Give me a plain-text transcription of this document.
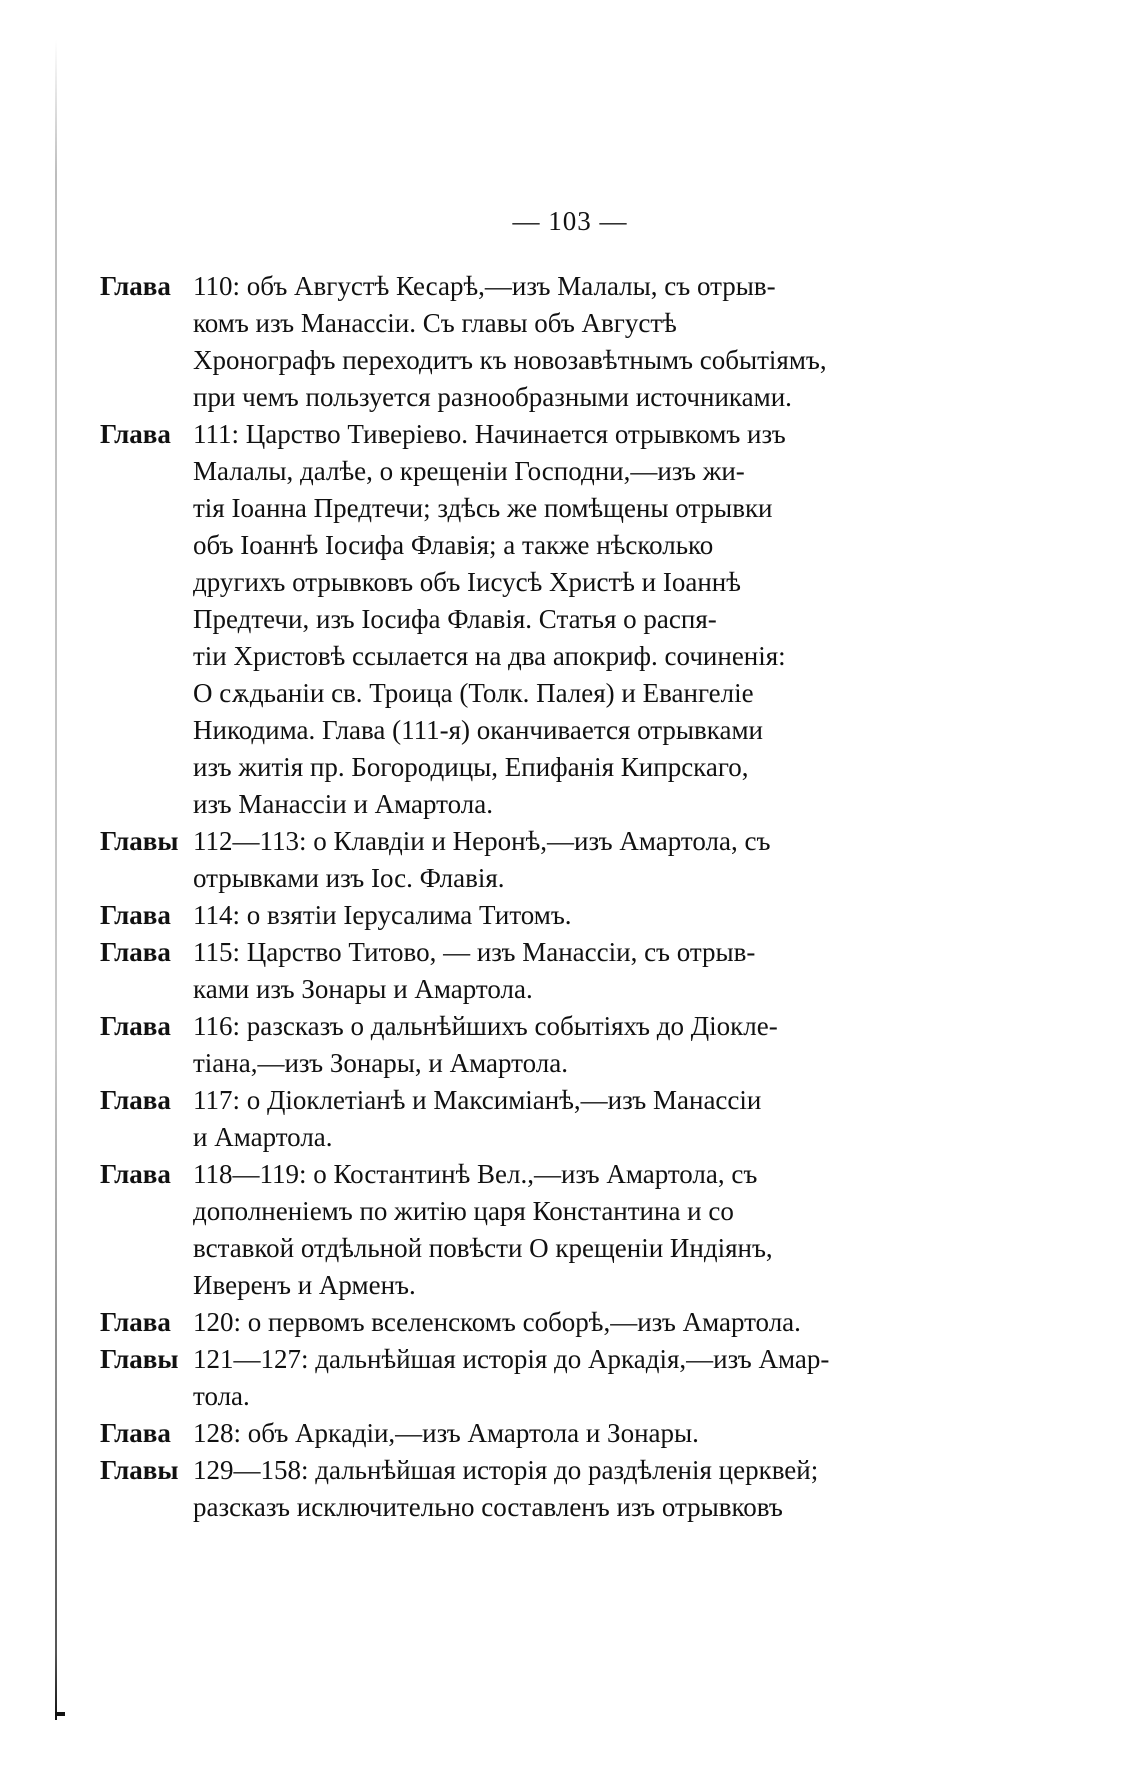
— 103 —
Глава 110: объ Августѣ Кесарѣ,—изъ Малалы, съ отрыв-
комъ изъ Манассіи. Съ главы объ Августѣ
Хронографъ переходитъ къ новозавѣтнымъ событіямъ,
при чемъ пользуется разнообразными источниками.
Глава 111: Царство Тиверіево. Начинается отрывкомъ изъ
Малалы, далѣе, о крещеніи Господни,—изъ жи-
тія Іоанна Предтечи; здѣсь же помѣщены отрывки
объ Іоаннѣ Іосифа Флавія; а также нѣсколько
другихъ отрывковъ объ Іисусѣ Христѣ и Іоаннѣ
Предтечи, изъ Іосифа Флавія. Статья о распя-
тіи Христовѣ ссылается на два апокриф. сочиненія:
О сѫдьаніи св. Троица (Толк. Палея) и Евангеліе
Никодима. Глава (111-я) оканчивается отрывками
изъ житія пр. Богородицы, Епифанія Кипрскаго,
изъ Манассіи и Амартола.
Главы 112—113: о Клавдіи и Неронѣ,—изъ Амартола, съ
отрывками изъ Іос. Флавія.
Глава 114: о взятіи Іерусалима Титомъ.
Глава 115: Царство Титово, — изъ Манассіи, съ отрыв-
ками изъ Зонары и Амартола.
Глава 116: разсказъ о дальнѣйшихъ событіяхъ до Діокле-
тіана,—изъ Зонары, и Амартола.
Глава 117: о Діоклетіанѣ и Максиміанѣ,—изъ Манассіи
и Амартола.
Глава 118—119: о Костантинѣ Вел.,—изъ Амартола, съ
дополненіемъ по житію царя Константина и со
вставкой отдѣльной повѣсти О крещеніи Индіянъ,
Иверенъ и Арменъ.
Глава 120: о первомъ вселенскомъ соборѣ,—изъ Амартола.
Главы 121—127: дальнѣйшая исторія до Аркадія,—изъ Амар-
тола.
Глава 128: объ Аркадіи,—изъ Амартола и Зонары.
Главы 129—158: дальнѣйшая исторія до раздѣленія церквей;
разсказъ исключительно составленъ изъ отрывковъ
